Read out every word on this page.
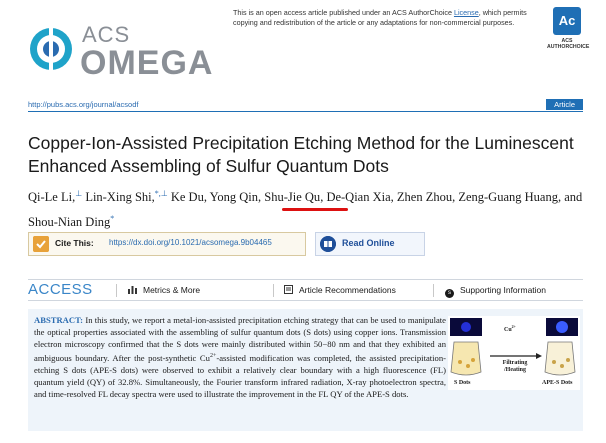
ACS
OMEGA
This is an open access article published under an ACS AuthorChoice License, which permits copying and redistribution of the article or any adaptations for non-commercial purposes.	Ac
ACS AUTHORCHOICE
http://pubs.acs.org/journal/acsodf	Article
Copper-Ion-Assisted Precipitation Etching Method for the Luminescent Enhanced Assembling of Sulfur Quantum Dots
Qi-Le Li,⊥ Lin-Xing Shi,*,⊥ Ke Du, Yong Qin, Shu-Jie Qu, De-Qian Xia, Zhen Zhou, Zeng-Guang Huang, and Shou-Nian Ding*
Cite This: https://dx.doi.org/10.1021/acsomega.9b04465	Read Online
ACCESS	Metrics & More	Article Recommendations	s Supporting Information
ABSTRACT: In this study, we report a metal-ion-assisted precipitation etching strategy that can be used to manipulate the optical properties associated with the assembling of sulfur quantum dots (S dots) using copper ions. Transmission electron microscopy confirmed that the S dots were mainly distributed within 50−80 nm and that they exhibited an ambiguous boundary. After the post-synthetic $Cu^{2+}$-assisted modification was completed, the assisted precipitation-etching S dots (APE-S dots) were observed to exhibit a relatively clear boundary with a high fluorescence (FL) quantum yield (QY) of 32.8%. Simultaneously, the Fourier transform infrared radiation, X-ray photoelectron spectra, and time-resolved FL decay spectra were used to illustrate the improvement in the FL QY of the APE-S dots.
$Cu^{2+}$
Filtrating /Heating
S Dots	APE-S Dots
